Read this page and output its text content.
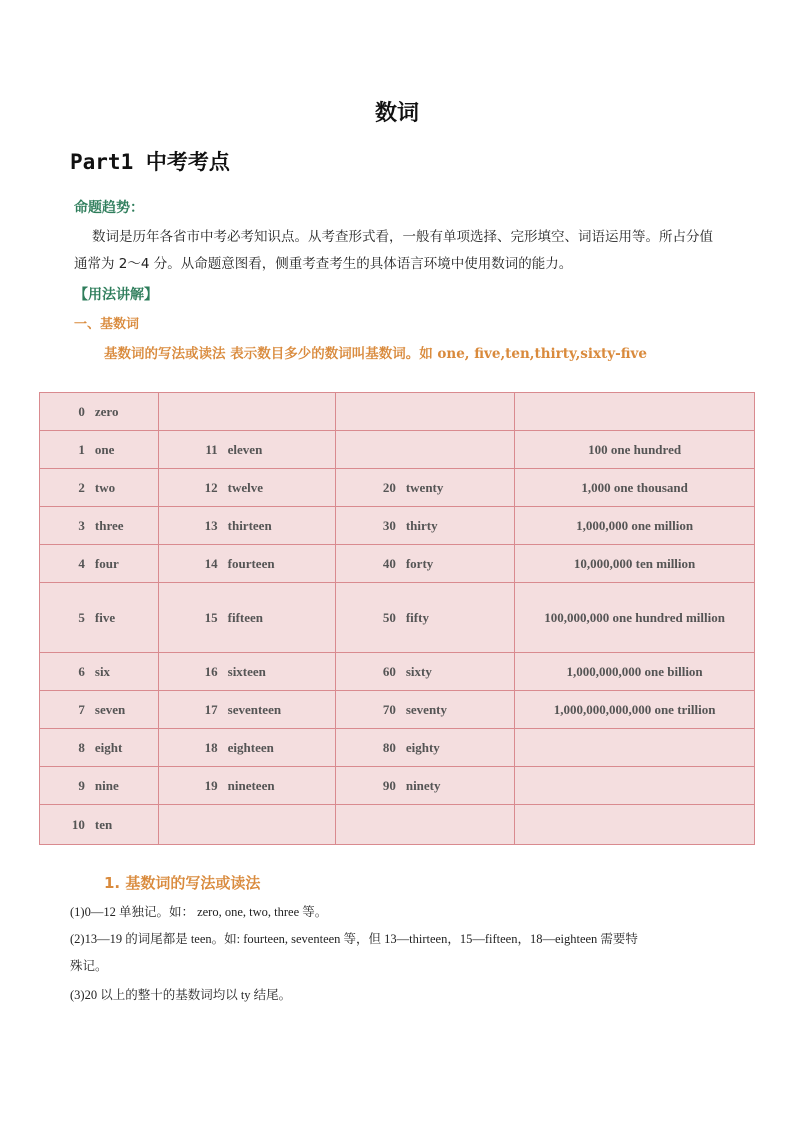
数词
Part1 中考考点
命题趋势：
数词是历年各省市中考必考知识点。从考查形式看，一般有单项选择、完形填空、词语运用等。所占分值通常为 2～4 分。从命题意图看，侧重考查考生的具体语言环境中使用数词的能力。
【用法讲解】
一、基数词
基数词的写法或读法 表示数目多少的数词叫基数词。如 one, five,ten,thirty,sixty-five
0 zero			
1 one	11 eleven		100 one hundred
2 two	12 twelve	20 twenty	1,000 one thousand
3 three	13 thirteen	30 thirty	1,000,000 one million
4 four	14 fourteen	40 forty	10,000,000 ten million
5 five	15 fifteen	50 fifty	100,000,000 one hundred million
6 six	16 sixteen	60 sixty	1,000,000,000 one billion
7 seven	17 seventeen	70 seventy	1,000,000,000,000 one trillion
8 eight	18 eighteen	80 eighty	
9 nine	19 nineteen	90 ninety	
10 ten			
1. 基数词的写法或读法
(1)0—12 单独记。如： zero, one, two, three 等。
(2)13—19 的词尾都是 teen。如: fourteen, seventeen 等，但 13—thirteen，15—fifteen，18—eighteen 需要特
殊记。
(3)20 以上的整十的基数词均以 ty 结尾。
